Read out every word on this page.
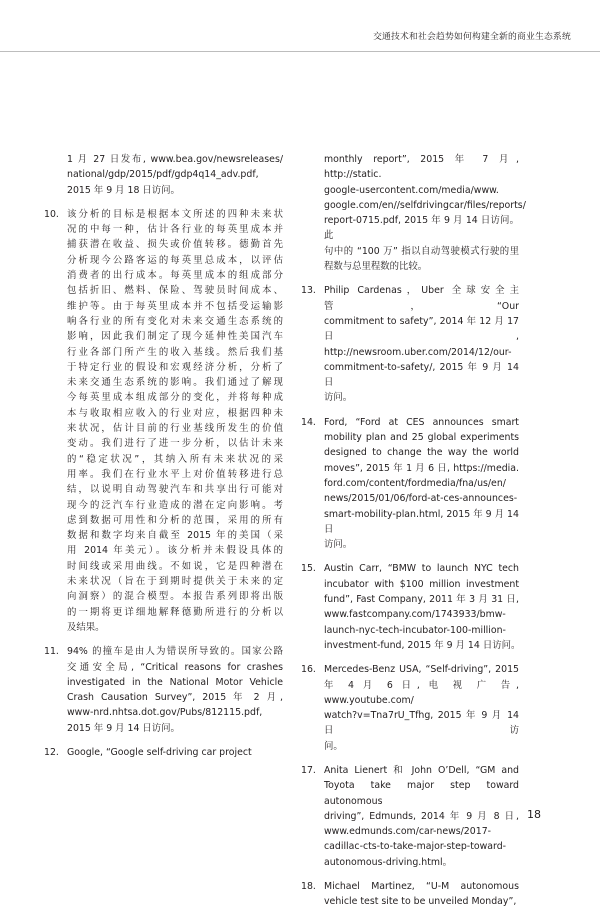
交通技术和社会趋势如何构建全新的商业生态系统
1 月 27 日发布, www.bea.gov/newsreleases/
national/gdp/2015/pdf/gdp4q14_adv.pdf,
2015 年 9 月 18 日访问。
10. 该分析的目标是根据本文所述的四种未来状
况的中每一种，估计各行业的每英里成本并
捕获潜在收益、损失或价值转移。德勤首先
分析现今公路客运的每英里总成本，以评估
消费者的出行成本。每英里成本的组成部分
包括折旧、燃料、保险、驾驶员时间成本、
维护等。由于每英里成本并不包括受运输影
响各行业的所有变化对未来交通生态系统的
影响，因此我们制定了现今延伸性美国汽车
行业各部门所产生的收入基线。然后我们基
于特定行业的假设和宏观经济分析，分析了
未来交通生态系统的影响。我们通过了解现
今每英里成本组成部分的变化，并将每种成
本与收取相应收入的行业对应，根据四种未
来状况，估计目前的行业基线所发生的价值
变动。我们进行了进一步分析，以估计未来
的“稳定状况”，其纳入所有未来状况的采
用率。我们在行业水平上对价值转移进行总
结，以说明自动驾驶汽车和共享出行可能对
现今的泛汽车行业造成的潜在定向影响。考
虑到数据可用性和分析的范围，采用的所有
数据和数字均来自截至 2015 年的美国（采
用 2014 年美元）。该分析并未假设具体的
时间线或采用曲线。不如说，它是四种潜在
未来状况（旨在于到期时提供关于未来的定
向洞察）的混合模型。本报告系列即将出版
的一期将更详细地解释德勤所进行的分析以
及结果。
11. 94% 的撞车是由人为错误所导致的。国家公路
交通安全局, “Critical reasons for crashes
investigated in the National Motor Vehicle
Crash Causation Survey”, 2015 年 2 月,
www-nrd.nhtsa.dot.gov/Pubs/812115.pdf,
2015 年 9 月 14 日访问。
12. Google, “Google self-driving car project
monthly report”, 2015 年 7 月, http://static.
google-usercontent.com/media/www.
google.com/en//selfdrivingcar/files/reports/
report-0715.pdf, 2015 年 9 月 14 日访问。此
句中的 “100 万” 指以自动驾驶模式行驶的里
程数与总里程数的比较。
13. Philip Cardenas，Uber 全球安全主管，“Our
commitment to safety”, 2014 年 12 月 17
日, http://newsroom.uber.com/2014/12/our-
commitment-to-safety/, 2015 年 9 月 14 日
访问。
14. Ford, “Ford at CES announces smart
mobility plan and 25 global experiments
designed to change the way the world
moves”, 2015 年 1 月 6 日, https://media.
ford.com/content/fordmedia/fna/us/en/
news/2015/01/06/ford-at-ces-announces-
smart-mobility-plan.html, 2015 年 9 月 14 日
访问。
15. Austin Carr, “BMW to launch NYC tech
incubator with $100 million investment
fund”, Fast Company, 2011 年 3 月 31 日,
www.fastcompany.com/1743933/bmw-
launch-nyc-tech-incubator-100-million-
investment-fund, 2015 年 9 月 14 日访问。
16. Mercedes-Benz USA, “Self-driving”, 2015
年 4 月 6 日, 电 视 广 告, www.youtube.com/
watch?v=Tna7rU_Tfhg, 2015 年 9 月 14 日访
问。
17. Anita Lienert 和 John O’Dell, “GM and
Toyota take major step toward autonomous
driving”, Edmunds, 2014 年 9 月 8 日,
www.edmunds.com/car-news/2017-
cadillac-cts-to-take-major-step-toward-
autonomous-driving.html。
18. Michael Martinez, “U-M autonomous
vehicle test site to be unveiled Monday”,
18
